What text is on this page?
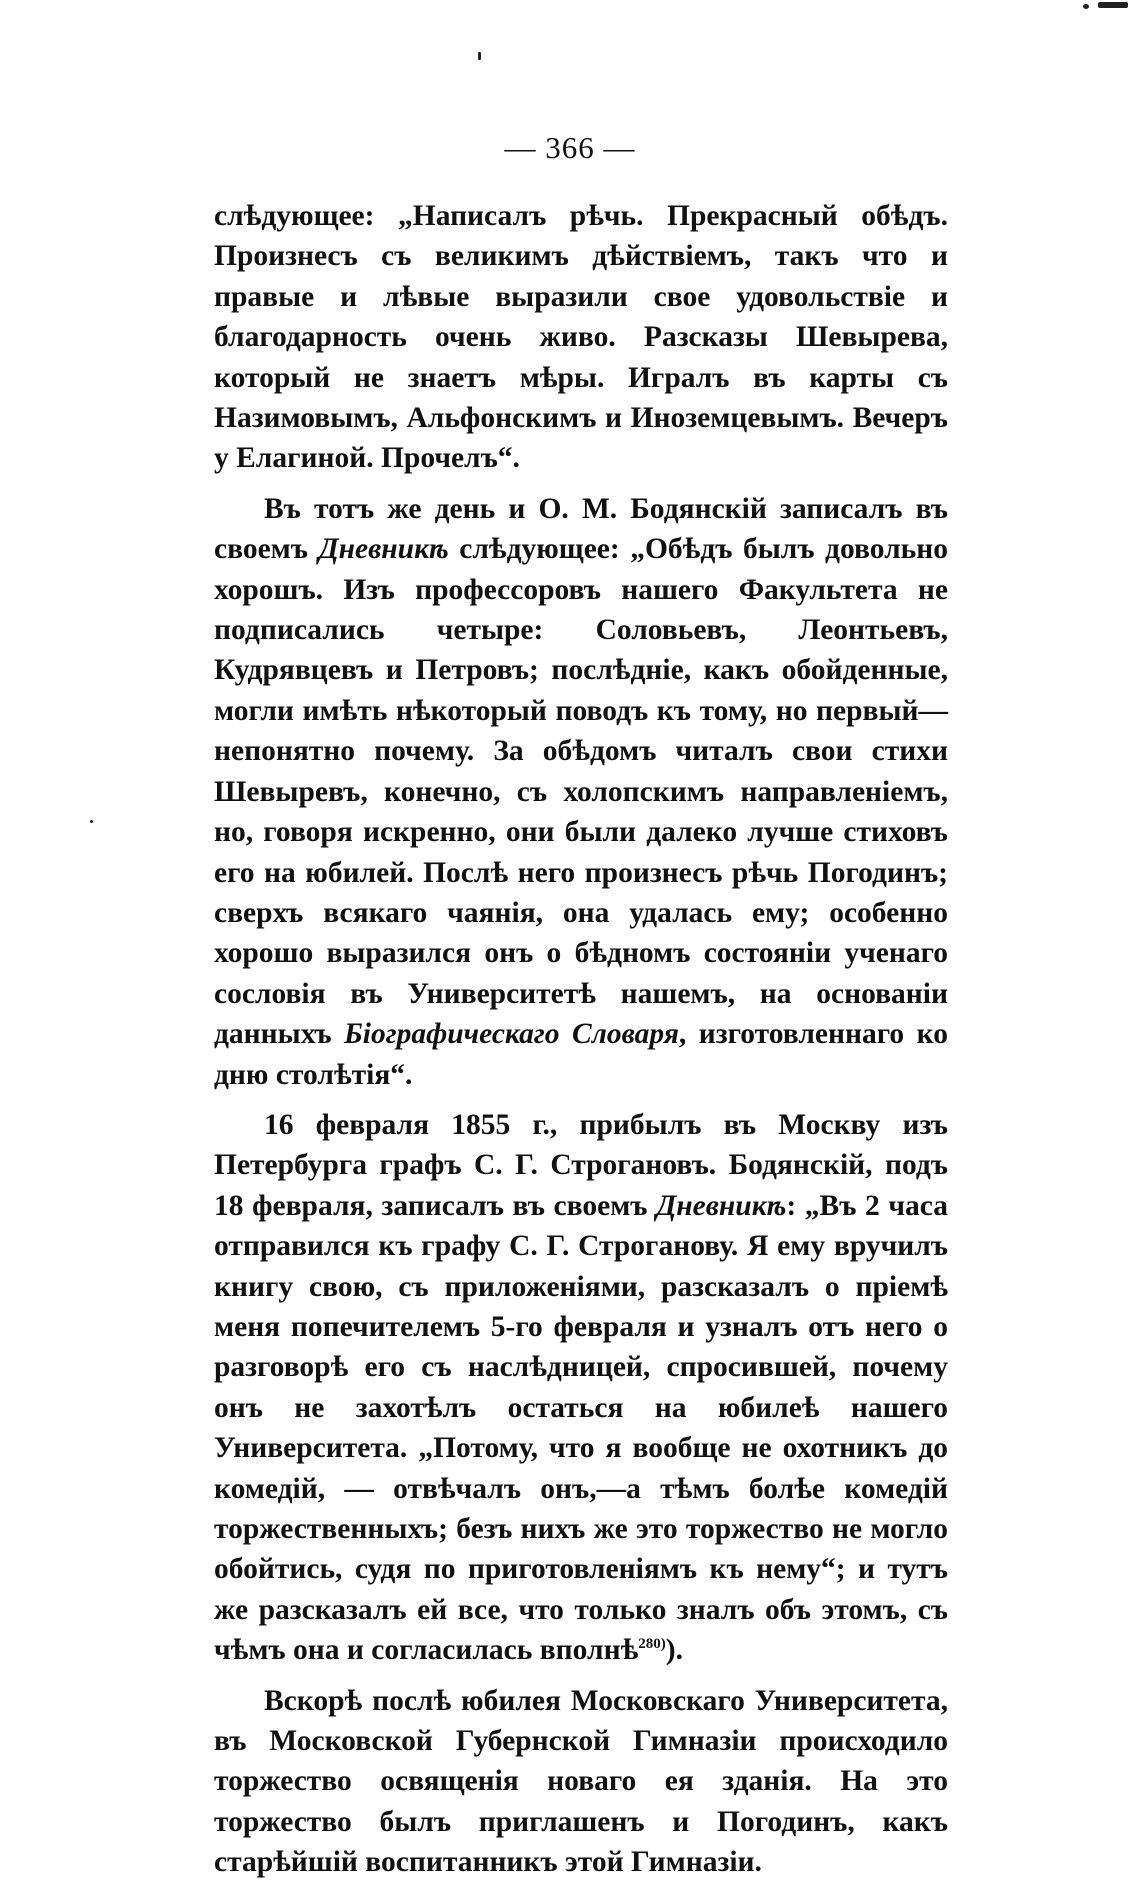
— 366 —

слѣдующее: „Написалъ рѣчь. Прекрасный обѣдъ. Произнесъ съ великимъ дѣйствіемъ, такъ что и правые и лѣвые выразили свое удовольствіе и благодарность очень живо. Разсказы Шевырева, который не знаетъ мѣры. Игралъ въ карты съ Назимовымъ, Альфонскимъ и Иноземцевымъ. Вечеръ у Елагиной. Прочелъ“.

Въ тотъ же день и О. М. Бодянскій записалъ въ своемъ Дневникѣ слѣдующее: „Обѣдъ былъ довольно хорошъ. Изъ профессоровъ нашего Факультета не подписались четыре: Соловьевъ, Леонтьевъ, Кудрявцевъ и Петровъ; послѣдніе, какъ обойденные, могли имѣть нѣкоторый поводъ къ тому, но первый—непонятно почему. За обѣдомъ читалъ свои стихи Шевыревъ, конечно, съ холопскимъ направленіемъ, но, говоря искренно, они были далеко лучше стиховъ его на юбилей. Послѣ него произнесъ рѣчь Погодинъ; сверхъ всякаго чаянія, она удалась ему; особенно хорошо выразился онъ о бѣдномъ состояніи ученаго сословія въ Университетѣ нашемъ, на основаніи данныхъ Біографическаго Словаря, изготовленнаго ко дню столѣтія“.

16 февраля 1855 г., прибылъ въ Москву изъ Петербурга графъ С. Г. Строгановъ. Бодянскій, подъ 18 февраля, записалъ въ своемъ Дневникѣ: „Въ 2 часа отправился къ графу С. Г. Строганову. Я ему вручилъ книгу свою, съ приложеніями, разсказалъ о пріемѣ меня попечителемъ 5-го февраля и узналъ отъ него о разговорѣ его съ наслѣдницей, спросившей, почему онъ не захотѣлъ остаться на юбилеѣ нашего Университета. „Потому, что я вообще не охотникъ до комедій, — отвѣчалъ онъ,—а тѣмъ болѣе комедій торжественныхъ; безъ нихъ же это торжество не могло обойтись, судя по приготовленіямъ къ нему“; и тутъ же разсказалъ ей все, что только зналъ объ этомъ, съ чѣмъ она и согласилась вполнѣ$^{280)}$).

Вскорѣ послѣ юбилея Московскаго Университета, въ Московской Губернской Гимназіи происходило торжество освященія новаго ея зданія. На это торжество былъ приглашенъ и Погодинъ, какъ старѣйшій воспитанникъ этой Гимназіи.
